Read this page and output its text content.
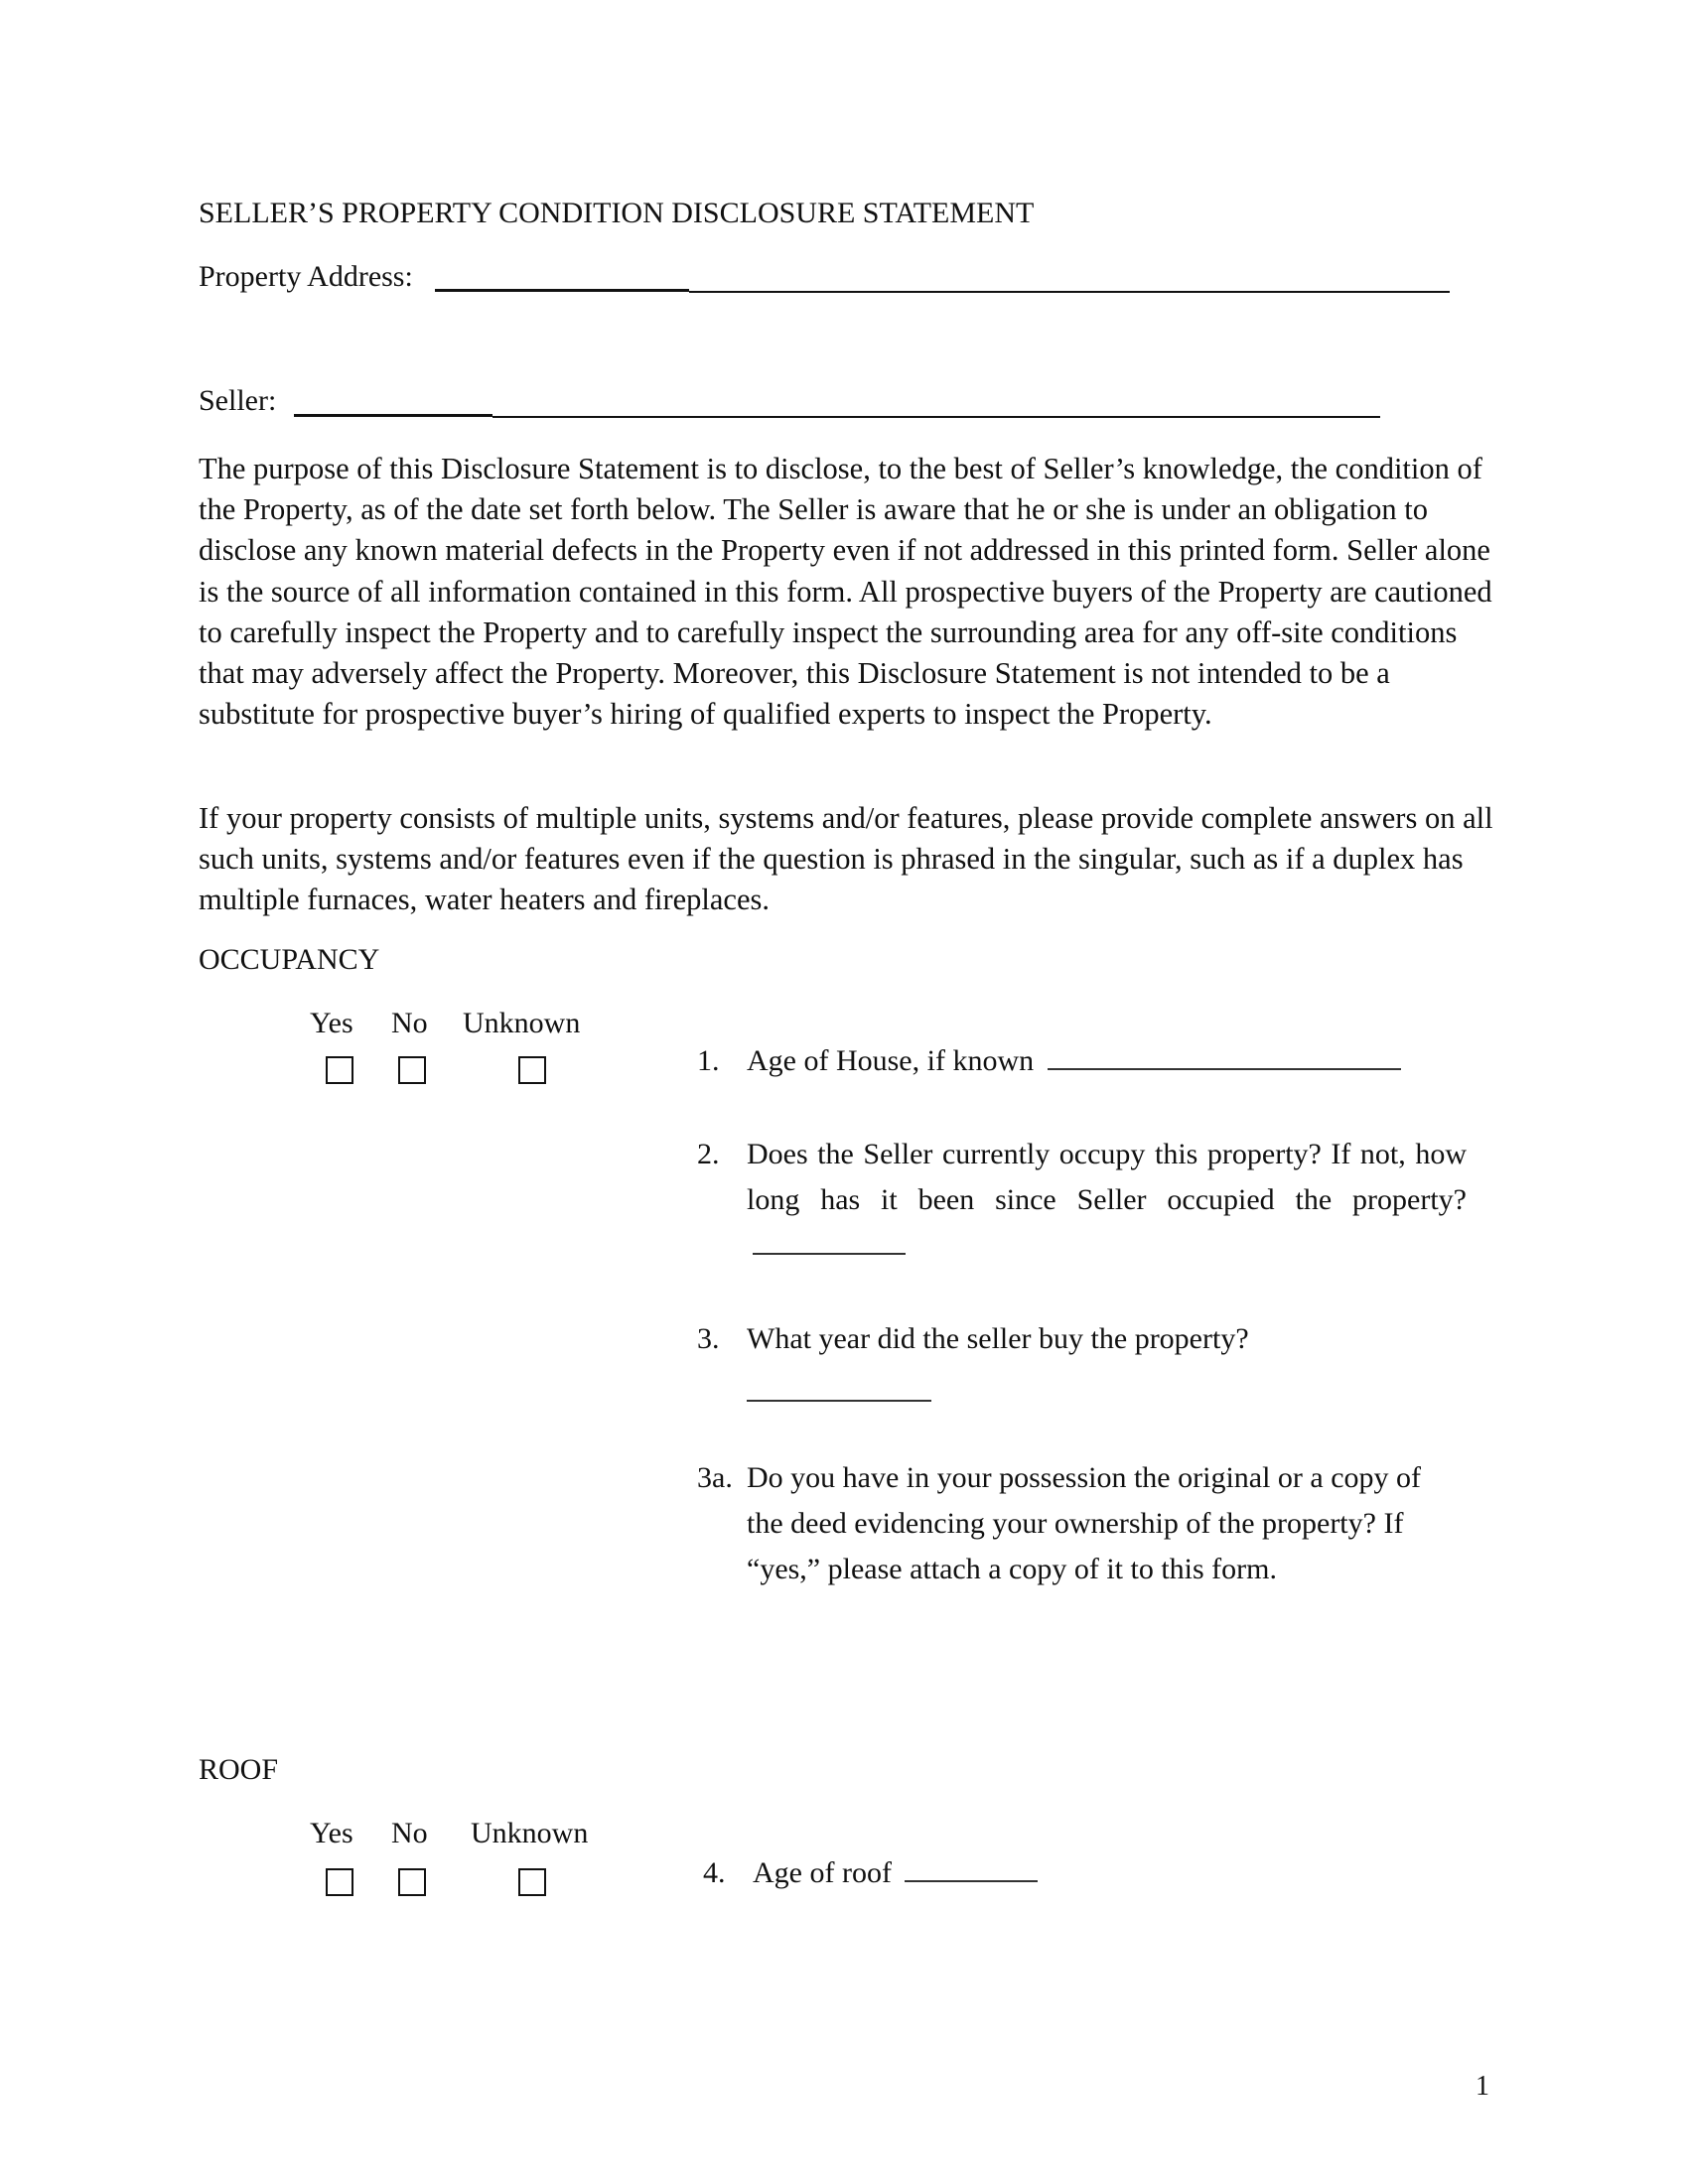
SELLER’S PROPERTY CONDITION DISCLOSURE STATEMENT
Property Address:
Seller:

The purpose of this Disclosure Statement is to disclose, to the best of Seller’s knowledge, the condition of the Property, as of the date set forth below. The Seller is aware that he or she is under an obligation to disclose any known material defects in the Property even if not addressed in this printed form. Seller alone is the source of all information contained in this form. All prospective buyers of the Property are cautioned to carefully inspect the Property and to carefully inspect the surrounding area for any off-site conditions that may adversely affect the Property. Moreover, this Disclosure Statement is not intended to be a substitute for prospective buyer’s hiring of qualified experts to inspect the Property.

If your property consists of multiple units, systems and/or features, please provide complete answers on all such units, systems and/or features even if the question is phrased in the singular, such as if a duplex has multiple furnaces, water heaters and fireplaces.

OCCUPANCY
Yes No Unknown
1. Age of House, if known
2. Does the Seller currently occupy this property? If not, how long has it been since Seller occupied the property?
3. What year did the seller buy the property?
3a. Do you have in your possession the original or a copy of the deed evidencing your ownership of the property? If “yes,” please attach a copy of it to this form.
ROOF
Yes No Unknown
4. Age of roof
1
